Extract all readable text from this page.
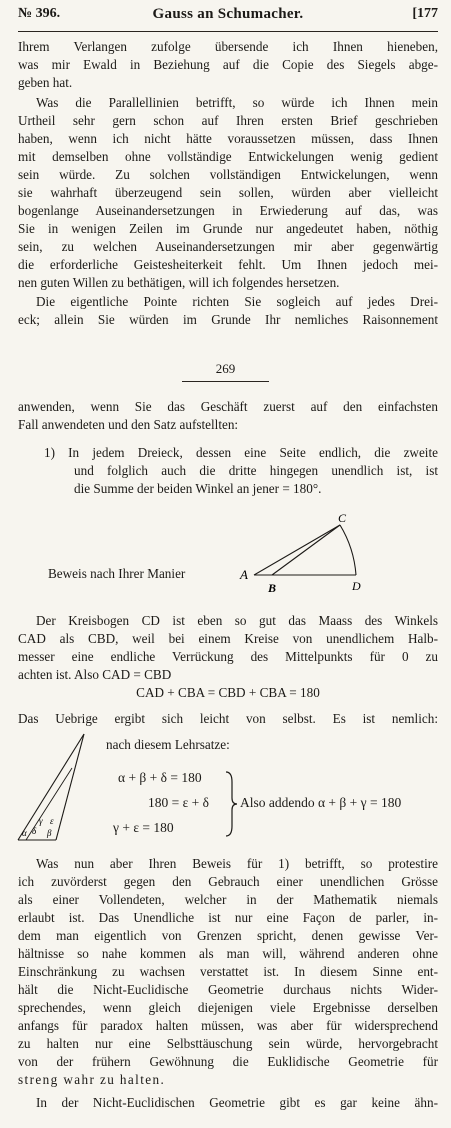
№ 396.	Gauss an Schumacher.	[177
Ihrem Verlangen zufolge übersende ich Ihnen hieneben,
was mir Ewald in Beziehung auf die Copie des Siegels abge-
geben hat.
Was die Parallellinien betrifft, so würde ich Ihnen mein
Urtheil sehr gern schon auf Ihren ersten Brief geschrieben
haben, wenn ich nicht hätte voraussetzen müssen, dass Ihnen
mit demselben ohne vollständige Entwickelungen wenig gedient
sein würde. Zu solchen vollständigen Entwickelungen, wenn
sie wahrhaft überzeugend sein sollen, würden aber vielleicht
bogenlange Auseinandersetzungen in Erwiederung auf das, was
Sie in wenigen Zeilen im Grunde nur angedeutet haben, nöthig
sein, zu welchen Auseinandersetzungen mir aber gegenwärtig
die erforderliche Geistesheiterkeit fehlt. Um Ihnen jedoch mei-
nen guten Willen zu bethätigen, will ich folgendes hersetzen.
Die eigentliche Pointe richten Sie sogleich auf jedes Drei-
eck; allein Sie würden im Grunde Ihr nemliches Raisonnement
269
anwenden, wenn Sie das Geschäft zuerst auf den einfachsten
Fall anwendeten und den Satz aufstellten:
1) In jedem Dreieck, dessen eine Seite endlich, die zweite
und folglich auch die dritte hingegen unendlich ist, ist
die Summe der beiden Winkel an jener = 180°.
Beweis nach Ihrer Manier	A
B
C
D
Der Kreisbogen CD ist eben so gut das Maass des Winkels
CAD als CBD, weil bei einem Kreise von unendlichem Halb-
messer eine endliche Verrückung des Mittelpunkts für 0 zu
achten ist. Also CAD = CBD
CAD + CBA = CBD + CBA = 180
Das Uebrige ergibt sich leicht von selbst. Es ist nemlich:
nach diesem Lehrsatze:
α β
γ
δ
ε
α + β + δ = 180
180 = ε + δ
γ + ε = 180
Also addendo α + β + γ = 180
Was nun aber Ihren Beweis für 1) betrifft, so protestire
ich zuvörderst gegen den Gebrauch einer unendlichen Grösse
als einer Vollendeten, welcher in der Mathematik niemals
erlaubt ist. Das Unendliche ist nur eine Façon de parler, in-
dem man eigentlich von Grenzen spricht, denen gewisse Ver-
hältnisse so nahe kommen als man will, während anderen ohne
Einschränkung zu wachsen verstattet ist. In diesem Sinne ent-
hält die Nicht-Euclidische Geometrie durchaus nichts Wider-
sprechendes, wenn gleich diejenigen viele Ergebnisse derselben
anfangs für paradox halten müssen, was aber für widersprechend
zu halten nur eine Selbsttäuschung sein würde, hervorgebracht
von der frühern Gewöhnung die Euklidische Geometrie für
streng wahr zu halten.
In der Nicht-Euclidischen Geometrie gibt es gar keine ähn-
